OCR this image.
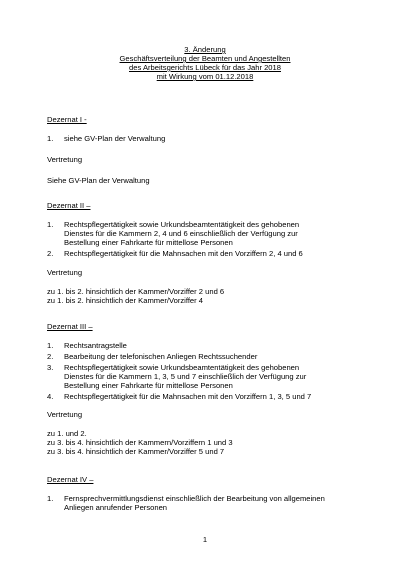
3. Änderung
Geschäftsverteilung der Beamten und Angestellten
des Arbeitsgerichts Lübeck für das Jahr 2018
mit Wirkung vom 01.12.2018
Dezernat I -
1. siehe GV-Plan der Verwaltung
Vertretung
Siehe GV-Plan der Verwaltung
Dezernat II –
1. Rechtspflegertätigkeit sowie Urkundsbeamtentätigkeit des gehobenen
Dienstes für die Kammern 2, 4 und 6 einschließlich der Verfügung zur
Bestellung einer Fahrkarte für mittellose Personen
2. Rechtspflegertätigkeit für die Mahnsachen mit den Vorziffern 2, 4 und 6
Vertretung
zu 1. bis 2. hinsichtlich der Kammer/Vorziffer 2 und 6
zu 1. bis 2. hinsichtlich der Kammer/Vorziffer 4
Dezernat III –
1. Rechtsantragstelle
2. Bearbeitung der telefonischen Anliegen Rechtssuchender
3. Rechtspflegertätigkeit sowie Urkundsbeamtentätigkeit des gehobenen
Dienstes für die Kammern 1, 3, 5 und 7 einschließlich der Verfügung zur
Bestellung einer Fahrkarte für mittellose Personen
4. Rechtspflegertätigkeit für die Mahnsachen mit den Vorziffern 1, 3, 5 und 7
Vertretung
zu 1. und 2.
zu 3. bis 4. hinsichtlich der Kammern/Vorziffern 1 und 3
zu 3. bis 4. hinsichtlich der Kammer/Vorziffer 5 und 7
Dezernat IV –
1. Fernsprechvermittlungsdienst einschließlich der Bearbeitung von allgemeinen
Anliegen anrufender Personen
1
